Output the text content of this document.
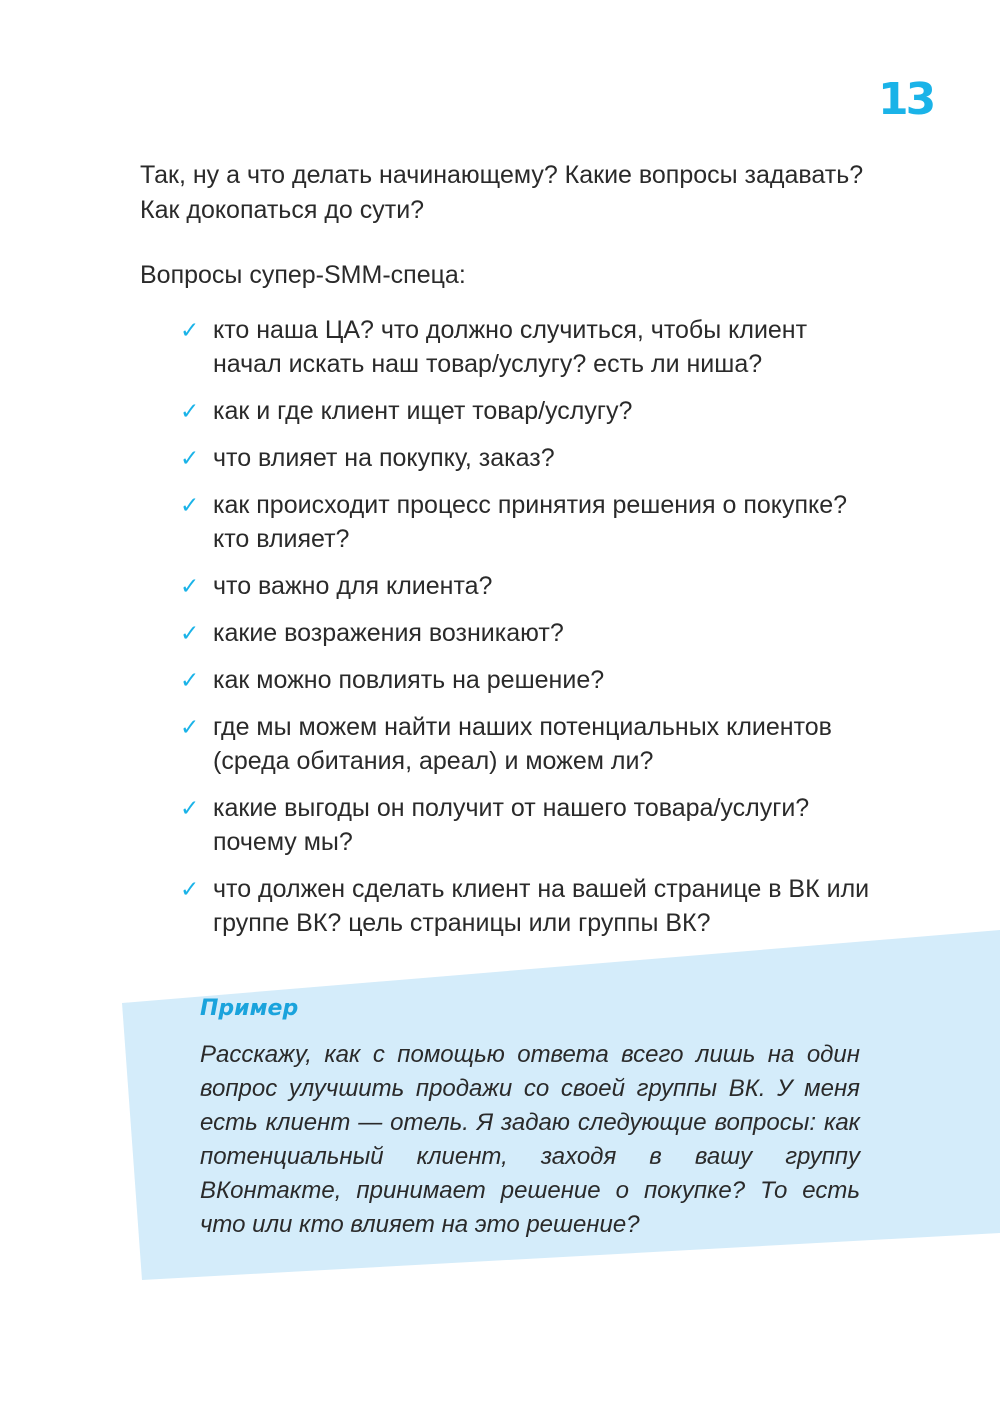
13

Так, ну а что делать начинающему? Какие вопросы задавать? Как докопаться до сути?

Вопросы супер-SMM-спеца:

✓ кто наша ЦА? что должно случиться, чтобы клиент начал искать наш товар/услугу? есть ли ниша?
✓ как и где клиент ищет товар/услугу?
✓ что влияет на покупку, заказ?
✓ как происходит процесс принятия решения о покупке? кто влияет?
✓ что важно для клиента?
✓ какие возражения возникают?
✓ как можно повлиять на решение?
✓ где мы можем найти наших потенциальных клиентов (среда обитания, ареал) и можем ли?
✓ какие выгоды он получит от нашего товара/услуги? почему мы?
✓ что должен сделать клиент на вашей странице в ВК или группе ВК? цель страницы или группы ВК?

Пример

Расскажу, как с помощью ответа всего лишь на один вопрос улучшить продажи со своей группы ВК. У меня есть клиент — отель. Я задаю следующие вопросы: как потенциальный клиент, заходя в вашу группу ВКонтакте, принимает решение о покупке? То есть что или кто влияет на это решение?
